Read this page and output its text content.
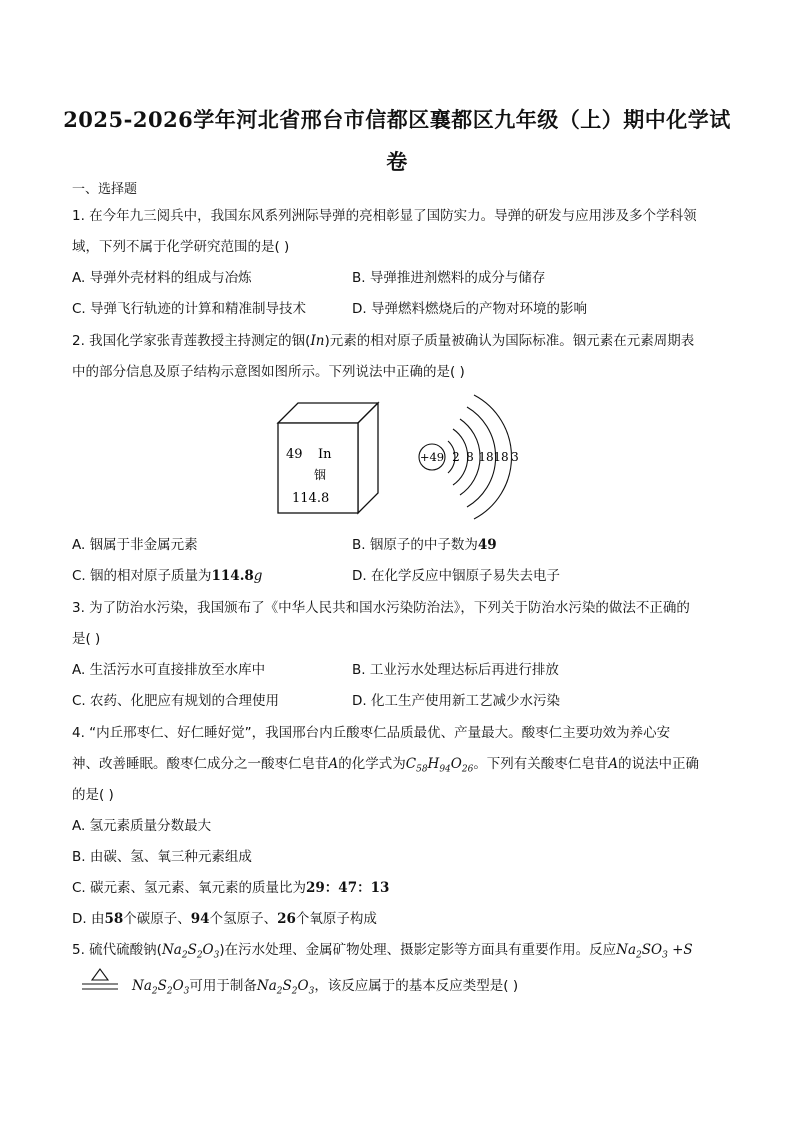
2025-2026学年河北省邢台市信都区襄都区九年级（上）期中化学试
卷
一、选择题
1. 在今年九三阅兵中，我国东风系列洲际导弹的亮相彰显了国防实力。导弹的研发与应用涉及多个学科领
域，下列不属于化学研究范围的是( )
A. 导弹外壳材料的组成与冶炼	B. 导弹推进剂燃料的成分与储存
C. 导弹飞行轨迹的计算和精准制导技术	D. 导弹燃料燃烧后的产物对环境的影响
2. 我国化学家张青莲教授主持测定的铟(In)元素的相对原子质量被确认为国际标准。铟元素在元素周期表
中的部分信息及原子结构示意图如图所示。下列说法中正确的是( )
49 In
铟
114.8
+49 2 8 18 18 3
A. 铟属于非金属元素	B. 铟原子的中子数为49
C. 铟的相对原子质量为114.8g	D. 在化学反应中铟原子易失去电子
3. 为了防治水污染，我国颁布了《中华人民共和国水污染防治法》，下列关于防治水污染的做法不正确的
是( )
A. 生活污水可直接排放至水库中	B. 工业污水处理达标后再进行排放
C. 农药、化肥应有规划的合理使用	D. 化工生产使用新工艺减少水污染
4. “内丘邢枣仁、好仁睡好觉”，我国邢台内丘酸枣仁品质最优、产量最大。酸枣仁主要功效为养心安
神、改善睡眠。酸枣仁成分之一酸枣仁皂苷A的化学式为$C_{58}H_{94}O_{26}$。下列有关酸枣仁皂苷A的说法中正确
的是( )
A. 氢元素质量分数最大
B. 由碳、氢、氧三种元素组成
C. 碳元素、氢元素、氧元素的质量比为29：47：13
D. 由58个碳原子、94个氢原子、26个氧原子构成
5. 硫代硫酸钠$(Na_2S_2O_3)$在污水处理、金属矿物处理、摄影定影等方面具有重要作用。反应$Na_2SO_3 +S$
$Na_2S_2O_3$可用于制备$Na_2S_2O_3$，该反应属于的基本反应类型是( )
